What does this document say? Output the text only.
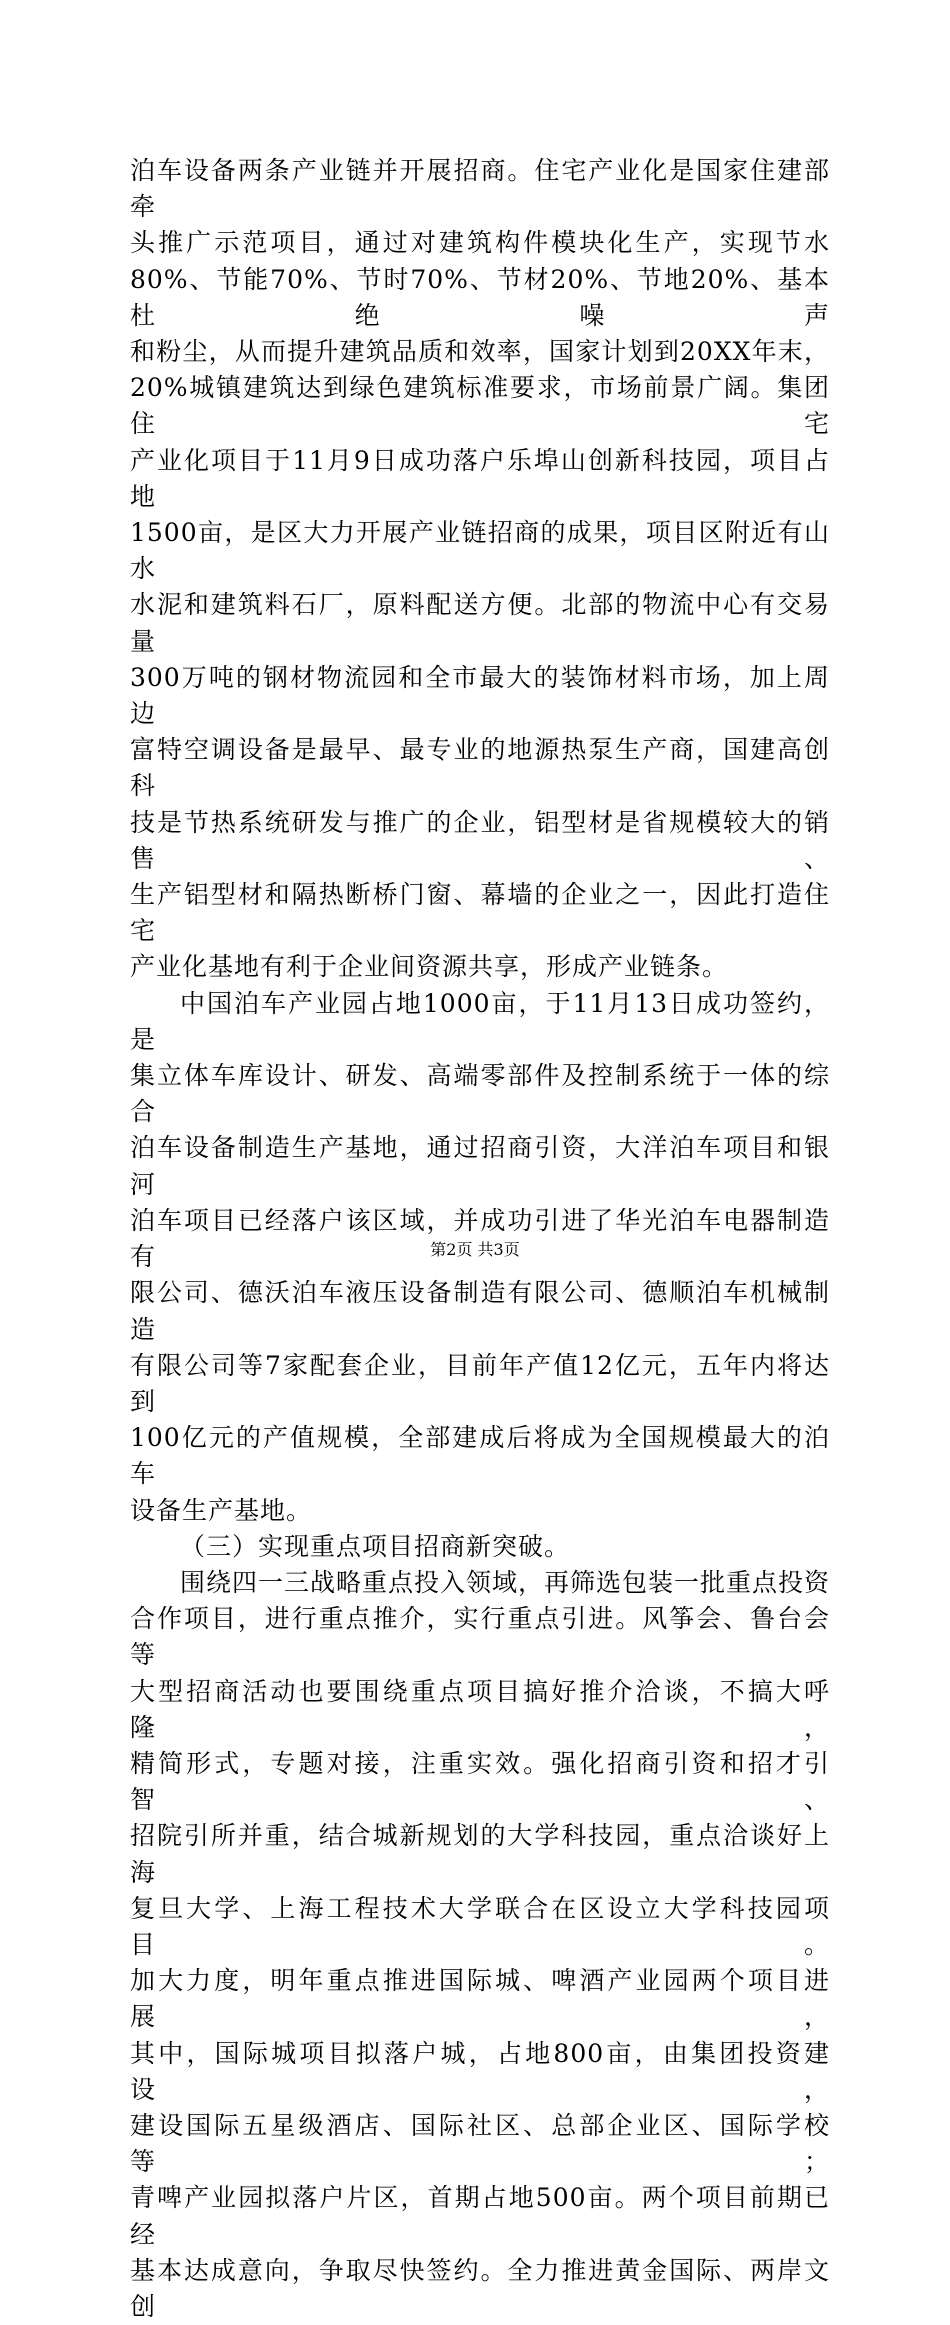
泊车设备两条产业链并开展招商。住宅产业化是国家住建部牵

头推广示范项目，通过对建筑构件模块化生产，实现节水

80%、节能70%、节时70%、节材20%、节地20%、基本杜绝噪声

和粉尘，从而提升建筑品质和效率，国家计划到20XX年末，

20%城镇建筑达到绿色建筑标准要求，市场前景广阔。集团住宅

产业化项目于11月9日成功落户乐埠山创新科技园，项目占地

1500亩，是区大力开展产业链招商的成果，项目区附近有山水

水泥和建筑料石厂，原料配送方便。北部的物流中心有交易量

300万吨的钢材物流园和全市最大的装饰材料市场，加上周边

富特空调设备是最早、最专业的地源热泵生产商，国建高创科

技是节热系统研发与推广的企业，铝型材是省规模较大的销售、

生产铝型材和隔热断桥门窗、幕墙的企业之一，因此打造住宅

产业化基地有利于企业间资源共享，形成产业链条。

中国泊车产业园占地1000亩，于11月13日成功签约，是

集立体车库设计、研发、高端零部件及控制系统于一体的综合

泊车设备制造生产基地，通过招商引资，大洋泊车项目和银河

泊车项目已经落户该区域，并成功引进了华光泊车电器制造有

限公司、德沃泊车液压设备制造有限公司、德顺泊车机械制造

有限公司等7家配套企业，目前年产值12亿元，五年内将达到

100亿元的产值规模，全部建成后将成为全国规模最大的泊车

设备生产基地。

（三）实现重点项目招商新突破。

围绕四一三战略重点投入领域，再筛选包装一批重点投资

合作项目，进行重点推介，实行重点引进。风筝会、鲁台会等

大型招商活动也要围绕重点项目搞好推介洽谈，不搞大呼隆，

精简形式，专题对接，注重实效。强化招商引资和招才引智、

招院引所并重，结合城新规划的大学科技园，重点洽谈好上海

复旦大学、上海工程技术大学联合在区设立大学科技园项目。

加大力度，明年重点推进国际城、啤酒产业园两个项目进展，

其中，国际城项目拟落户城，占地800亩，由集团投资建设，

建设国际五星级酒店、国际社区、总部企业区、国际学校等；

青啤产业园拟落户片区，首期占地500亩。两个项目前期已经

基本达成意向，争取尽快签约。全力推进黄金国际、两岸文创

第2页 共3页
